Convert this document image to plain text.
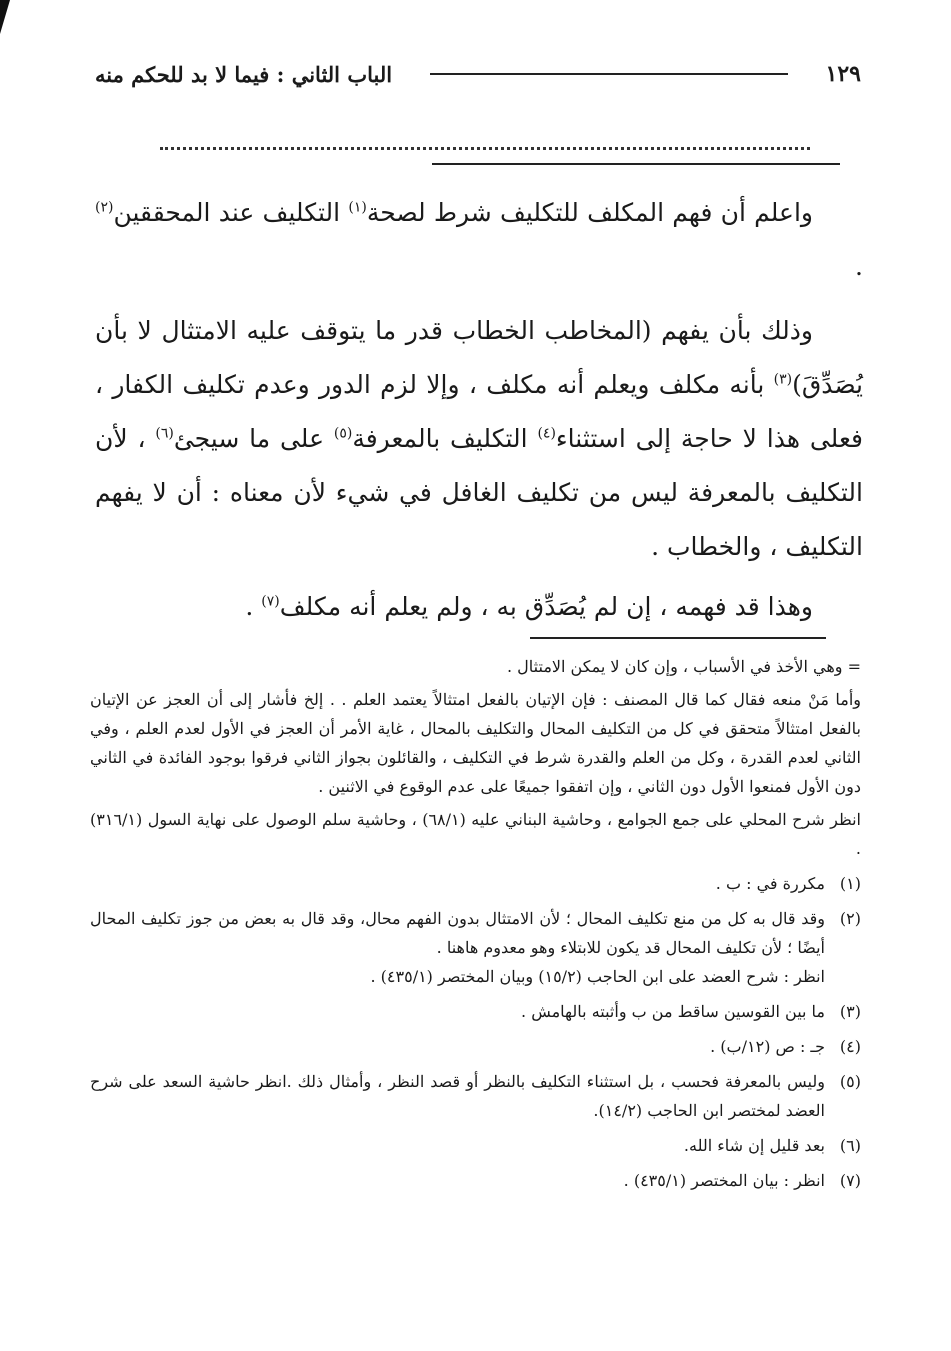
الباب الثاني : فيما لا بد للحكم منه	١٢٩

واعلم أن فهم المكلف للتكليف شرط لصحة$^{(١)}$ التكليف عند المحققين$^{(٢)}$ .

وذلك بأن يفهم (المخاطب الخطاب قدر ما يتوقف عليه الامتثال لا بأن يُصَدِّقَ)$^{(٣)}$ بأنه مكلف ويعلم أنه مكلف ، وإلا لزم الدور وعدم تكليف الكفار ، فعلى هذا لا حاجة إلى استثناء$^{(٤)}$ التكليف بالمعرفة$^{(٥)}$ على ما سيجئ$^{(٦)}$ ، لأن التكليف بالمعرفة ليس من تكليف الغافل في شيء لأن معناه : أن لا يفهم التكليف ، والخطاب .

وهذا قد فهمه ، إن لم يُصَدِّق به ، ولم يعلم أنه مكلف$^{(٧)}$ .

= وهي الأخذ في الأسباب ، وإن كان لا يمكن الامتثال .

وأما مَنْ منعه فقال كما قال المصنف : فإن الإتيان بالفعل امتثالاً يعتمد العلم . . إلخ فأشار إلى أن العجز عن الإتيان بالفعل امتثالاً متحقق في كل من التكليف المحال والتكليف بالمحال ، غاية الأمر أن العجز في الأول لعدم العلم ، وفي الثاني لعدم القدرة ، وكل من العلم والقدرة شرط في التكليف ، والقائلون بجواز الثاني فرقوا بوجود الفائدة في الثاني دون الأول فمنعوا الأول دون الثاني ، وإن اتفقوا جميعًا على عدم الوقوع في الاثنين .

انظر شرح المحلي على جمع الجوامع ، وحاشية البناني عليه (٦٨/١) ، وحاشية سلم الوصول على نهاية السول (٣١٦/١) .

(١)

مكررة في : ب .

(٢)

وقد قال به كل من منع تكليف المحال ؛ لأن الامتثال بدون الفهم محال، وقد قال به بعض من جوز تكليف المحال أيضًا ؛ لأن تكليف المحال قد يكون للابتلاء وهو معدوم هاهنا .

انظر : شرح العضد على ابن الحاجب (١٥/٢) وبيان المختصر (٤٣٥/١) .

(٣)

ما بين القوسين ساقط من ب وأثبته بالهامش .

(٤)

جـ : ص (١٢/ب) .

(٥)

وليس بالمعرفة فحسب ، بل استثناء التكليف بالنظر أو قصد النظر ، وأمثال ذلك .انظر حاشية السعد على شرح العضد لمختصر ابن الحاجب (١٤/٢).

(٦)

بعد قليل إن شاء الله.

(٧)

انظر : بيان المختصر (٤٣٥/١) .
